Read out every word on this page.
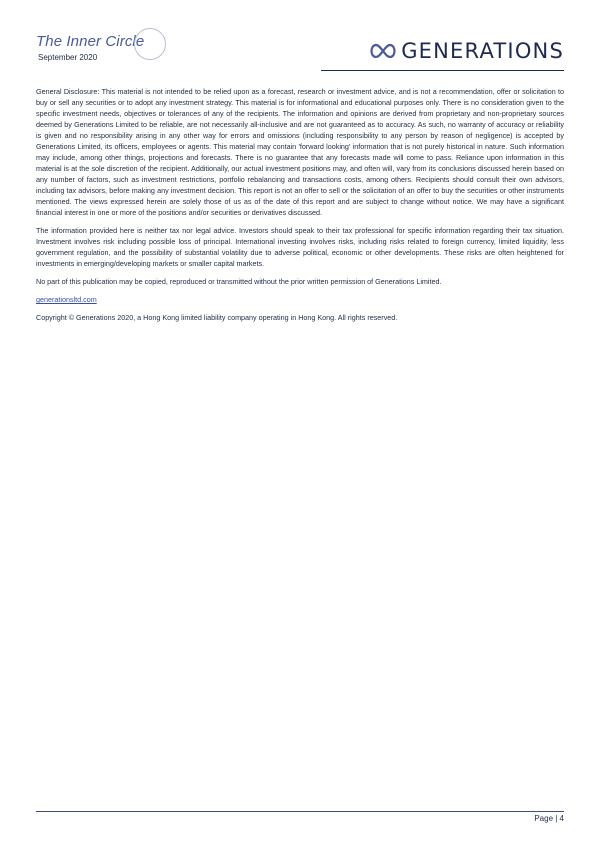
The Inner Circle
September 2020	GENERATIONS

General Disclosure: This material is not intended to be relied upon as a forecast, research or investment advice, and is not a recommendation, offer or solicitation to buy or sell any securities or to adopt any investment strategy. This material is for informational and educational purposes only. There is no consideration given to the specific investment needs, objectives or tolerances of any of the recipients. The information and opinions are derived from proprietary and non-proprietary sources deemed by Generations Limited to be reliable, are not necessarily all-inclusive and are not guaranteed as to accuracy. As such, no warranty of accuracy or reliability is given and no responsibility arising in any other way for errors and omissions (including responsibility to any person by reason of negligence) is accepted by Generations Limited, its officers, employees or agents. This material may contain 'forward looking' information that is not purely historical in nature. Such information may include, among other things, projections and forecasts. There is no guarantee that any forecasts made will come to pass. Reliance upon information in this material is at the sole discretion of the recipient. Additionally, our actual investment positions may, and often will, vary from its conclusions discussed herein based on any number of factors, such as investment restrictions, portfolio rebalancing and transactions costs, among others. Recipients should consult their own advisors, including tax advisors, before making any investment decision. This report is not an offer to sell or the solicitation of an offer to buy the securities or other instruments mentioned. The views expressed herein are solely those of us as of the date of this report and are subject to change without notice. We may have a significant financial interest in one or more of the positions and/or securities or derivatives discussed.

The information provided here is neither tax nor legal advice. Investors should speak to their tax professional for specific information regarding their tax situation. Investment involves risk including possible loss of principal. International investing involves risks, including risks related to foreign currency, limited liquidity, less government regulation, and the possibility of substantial volatility due to adverse political, economic or other developments. These risks are often heightened for investments in emerging/developing markets or smaller capital markets.

No part of this publication may be copied, reproduced or transmitted without the prior written permission of Generations Limited.

generationsltd.com

Copyright © Generations 2020, a Hong Kong limited liability company operating in Hong Kong. All rights reserved.

Page | 4
